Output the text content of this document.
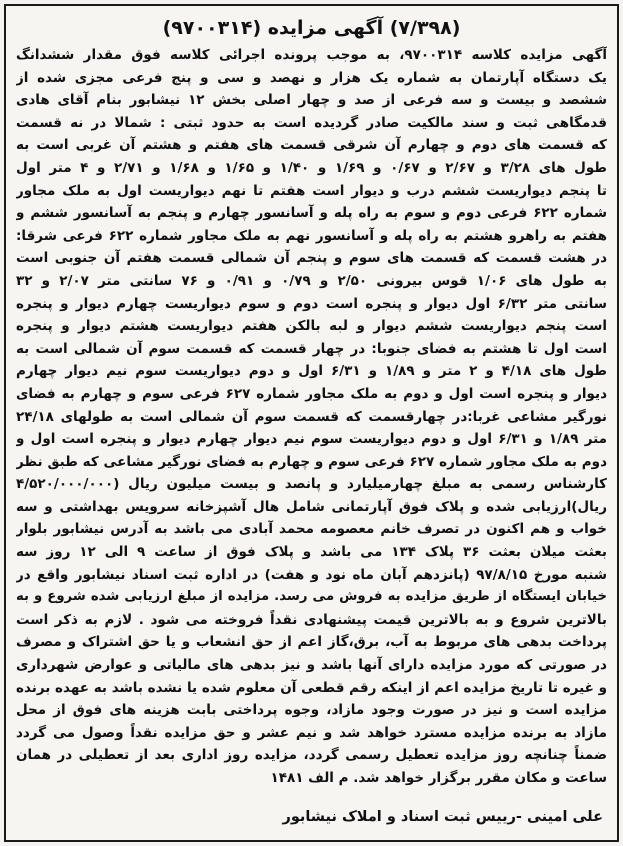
(۷/۳۹۸) آگهی مزایده (۹۷۰۰۳۱۴)
آگهی مزایده کلاسه ۹۷۰۰۳۱۴، به موجب پرونده اجرائی کلاسه فوق مقدار ششدانگ
یک دستگاه آپارتمان به شماره یک هزار و نهصد و سی و پنج فرعی مجزی شده از
ششصد و بیست و سه فرعی از صد و چهار اصلی بخش ۱۲ نیشابور بنام آقای هادی
قدمگاهی ثبت و سند مالکیت صادر گردیده است به حدود ثبتی : شمالا در نه قسمت
که قسمت های دوم و چهارم آن شرقی قسمت های هفتم و هشتم آن غربی است به
طول های ۳/۲۸ و ۲/۶۷ و ۰/۶۷ و ۱/۶۹ و ۱/۴۰ و ۱/۶۵ و ۱/۶۸ و ۲/۷۱ و ۴ متر اول
تا پنجم دیواریست ششم درب و دیوار است هفتم تا نهم دیواریست اول به ملک مجاور
شماره ۶۲۲ فرعی دوم و سوم به راه پله و آسانسور چهارم و پنجم به آسانسور ششم و
هفتم به راهرو هشتم به راه پله و آسانسور نهم به ملک مجاور شماره ۶۲۲ فرعی شرقا:
در هشت قسمت که قسمت های سوم و پنجم آن شمالی قسمت هفتم آن جنوبی است
به طول های ۱/۰۶ قوس بیرونی ۲/۵۰ و ۰/۷۹ و ۰/۹۱ و ۷۶ سانتی متر ۲/۰۷ و ۳۲
سانتی متر ۶/۳۲ اول دیوار و پنجره است دوم و سوم دیواریست چهارم دیوار و پنجره
است پنجم دیواریست ششم دیوار و لبه بالکن هفتم دیواریست هشتم دیوار و پنجره
است اول تا هشتم به فضای جنوبا: در چهار قسمت که قسمت سوم آن شمالی است به
طول های ۴/۱۸ و ۲ متر و ۱/۸۹ و ۶/۳۱ اول و دوم دیواریست سوم نیم دیوار چهارم
دیوار و پنجره است اول و دوم به ملک مجاور شماره ۶۲۷ فرعی سوم و چهارم به فضای
نورگیر مشاعی غربا:در چهارقسمت که قسمت سوم آن شمالی است به طولهای ۲۴/۱۸
متر ۱/۸۹ و ۶/۳۱ اول و دوم دیواریست سوم نیم دیوار چهارم دیوار و پنجره است اول و
دوم به ملک مجاور شماره ۶۲۷ فرعی سوم و چهارم به فضای نورگیر مشاعی که طبق نظر
کارشناس رسمی به مبلغ چهارمیلیارد و پانصد و بیست میلیون ریال (۴/۵۲۰/۰۰۰/۰۰۰
ریال)ارزیابی شده و پلاک فوق آپارتمانی شامل هال آشپزخانه سرویس بهداشتی و سه
خواب و هم اکنون در تصرف خانم معصومه محمد آبادی می باشد به آدرس نیشابور بلوار
بعثت میلان بعثت ۳۶ پلاک ۱۳۴ می باشد و پلاک فوق از ساعت ۹ الی ۱۲ روز سه
شنبه مورخ ۹۷/۸/۱۵ (پانزدهم آبان ماه نود و هفت) در اداره ثبت اسناد نیشابور واقع در
خیابان ایستگاه از طریق مزایده به فروش می رسد. مزایده از مبلغ ارزیابی شده شروع و به
بالاترین شروع و به بالاترین قیمت پیشنهادی نقداً فروخته می شود . لازم به ذکر است
پرداخت بدهی های مربوط به آب، برق،گاز اعم از حق انشعاب و یا حق اشتراک و مصرف
در صورتی که مورد مزایده دارای آنها باشد و نیز بدهی های مالیاتی و عوارض شهرداری
و غیره تا تاریخ مزایده اعم از اینکه رقم قطعی آن معلوم شده یا نشده باشد به عهده برنده
مزایده است و نیز در صورت وجود مازاد، وجوه پرداختی بابت هزینه های فوق از محل
مازاد به برنده مزایده مسترد خواهد شد و نیم عشر و حق مزایده نقداً وصول می گردد
ضمناً چنانچه روز مزایده تعطیل رسمی گردد، مزایده روز اداری بعد از تعطیلی در همان
ساعت و مکان مقرر برگزار خواهد شد. م الف ۱۴۸۱
علی امینی -رییس ثبت اسناد و املاک نیشابور
